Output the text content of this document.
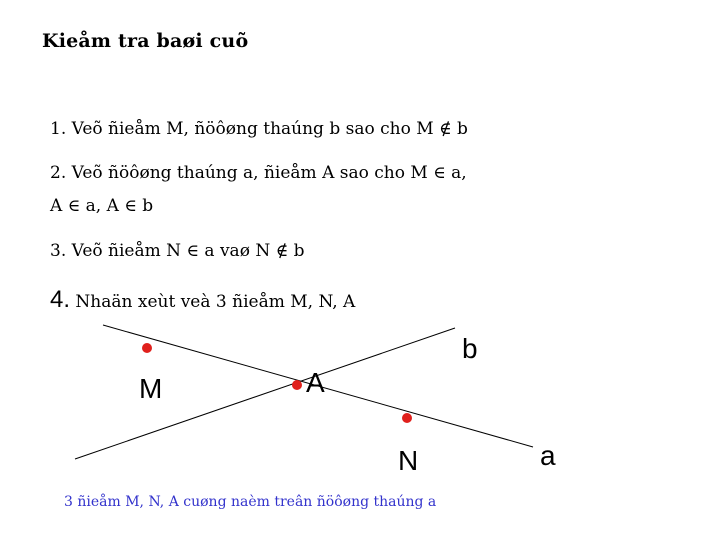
Kieåm tra baøi cuõ
1. Veõ ñieåm M, ñöôøng thaúng b sao cho M ∉ b
2. Veõ ñöôøng thaúng a, ñieåm A sao cho M ∈ a,
A ∈ a, A ∈ b
3. Veõ ñieåm N ∈ a vaø N ∉ b
4. Nhaän xeùt veà 3 ñieåm M, N, A
M	A
N
b
a
3 ñieåm M, N, A cuøng naèm treân ñöôøng thaúng a
